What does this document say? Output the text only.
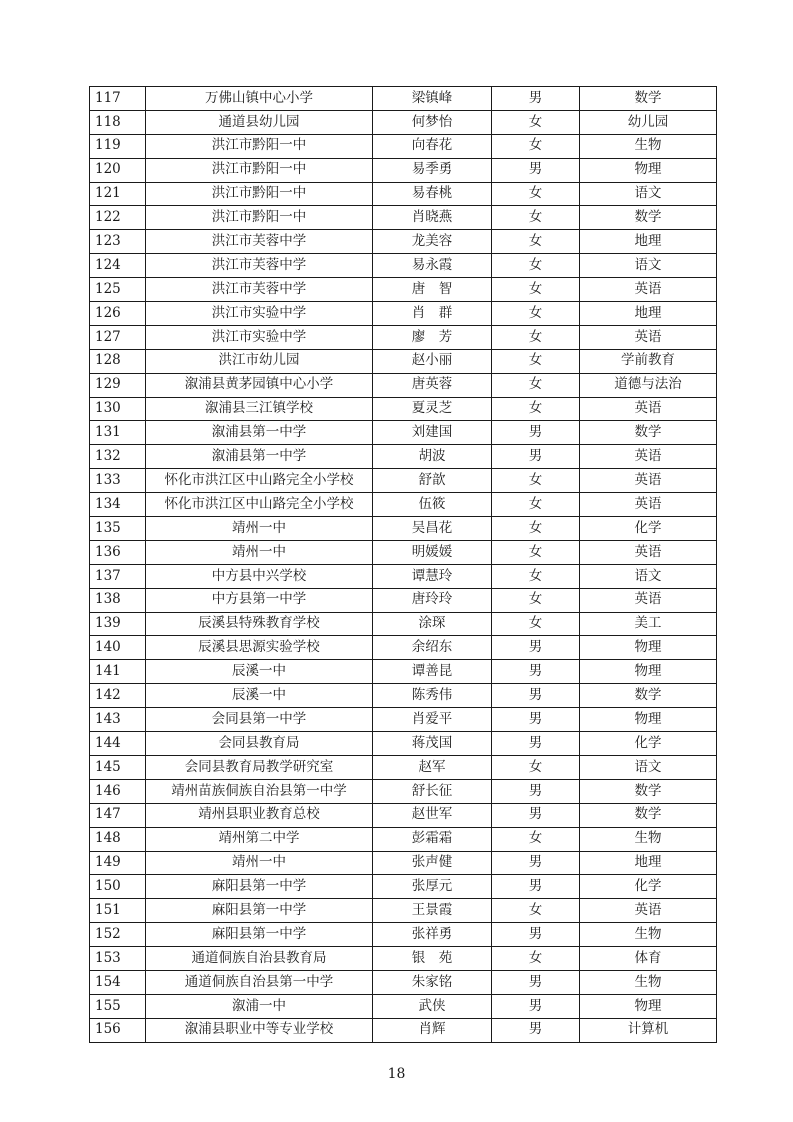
117	万佛山镇中心小学	梁镇峰	男	数学
118	通道县幼儿园	何梦怡	女	幼儿园
119	洪江市黔阳一中	向春花	女	生物
120	洪江市黔阳一中	易季勇	男	物理
121	洪江市黔阳一中	易春桃	女	语文
122	洪江市黔阳一中	肖晓燕	女	数学
123	洪江市芙蓉中学	龙美容	女	地理
124	洪江市芙蓉中学	易永霞	女	语文
125	洪江市芙蓉中学	唐　智	女	英语
126	洪江市实验中学	肖　群	女	地理
127	洪江市实验中学	廖　芳	女	英语
128	洪江市幼儿园	赵小丽	女	学前教育
129	溆浦县黄茅园镇中心小学	唐英蓉	女	道德与法治
130	溆浦县三江镇学校	夏灵芝	女	英语
131	溆浦县第一中学	刘建国	男	数学
132	溆浦县第一中学	胡波	男	英语
133	怀化市洪江区中山路完全小学校	舒歆	女	英语
134	怀化市洪江区中山路完全小学校	伍筱	女	英语
135	靖州一中	吴昌花	女	化学
136	靖州一中	明媛媛	女	英语
137	中方县中兴学校	谭慧玲	女	语文
138	中方县第一中学	唐玲玲	女	英语
139	辰溪县特殊教育学校	涂琛	女	美工
140	辰溪县思源实验学校	余绍东	男	物理
141	辰溪一中	谭善昆	男	物理
142	辰溪一中	陈秀伟	男	数学
143	会同县第一中学	肖爱平	男	物理
144	会同县教育局	蒋茂国	男	化学
145	会同县教育局教学研究室	赵军	女	语文
146	靖州苗族侗族自治县第一中学	舒长征	男	数学
147	靖州县职业教育总校	赵世军	男	数学
148	靖州第二中学	彭霜霜	女	生物
149	靖州一中	张声健	男	地理
150	麻阳县第一中学	张厚元	男	化学
151	麻阳县第一中学	王景霞	女	英语
152	麻阳县第一中学	张祥勇	男	生物
153	通道侗族自治县教育局	银　苑	女	体育
154	通道侗族自治县第一中学	朱家铭	男	生物
155	溆浦一中	武侠	男	物理
156	溆浦县职业中等专业学校	肖辉	男	计算机
18
